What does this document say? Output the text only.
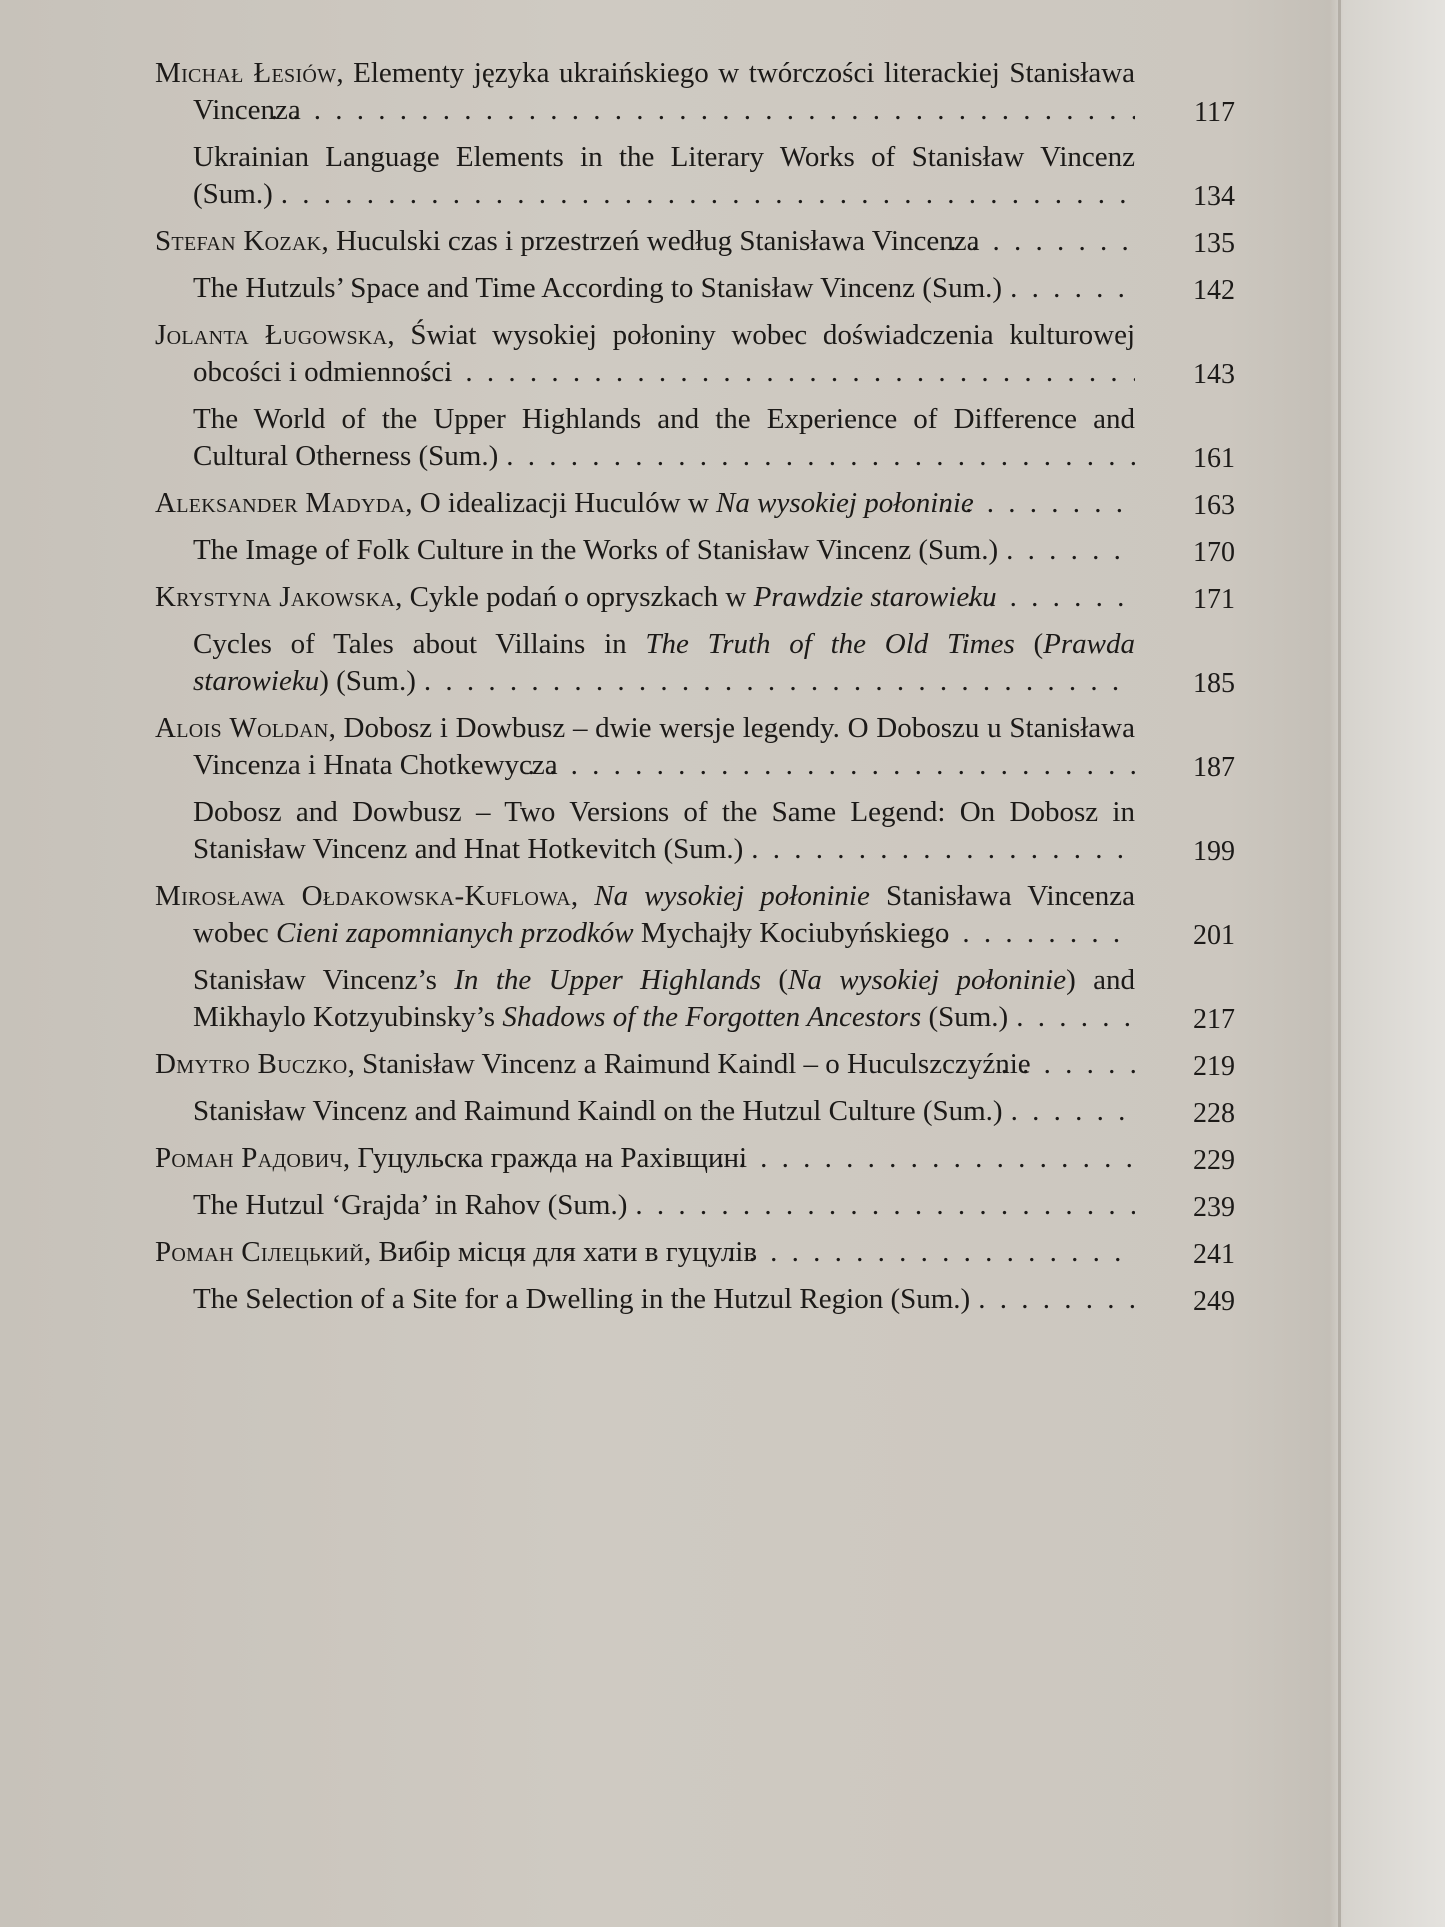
Michał Łesiów, Elementy języka ukraińskiego w twórczości literackiej Stanisława Vincenza	117
Ukrainian Language Elements in the Literary Works of Stanisław Vincenz (Sum.)	134
Stefan Kozak, Huculski czas i przestrzeń według Stanisława Vincenza	135
The Hutzuls’ Space and Time According to Stanisław Vincenz (Sum.)	142
Jolanta Ługowska, Świat wysokiej połoniny wobec doświadczenia kulturowej obcości i odmienności	143
The World of the Upper Highlands and the Experience of Difference and Cultural Otherness (Sum.)	161
Aleksander Madyda, O idealizacji Huculów w Na wysokiej połoninie	163
The Image of Folk Culture in the Works of Stanisław Vincenz (Sum.)	170
Krystyna Jakowska, Cykle podań o opryszkach w Prawdzie starowieku	171
Cycles of Tales about Villains in The Truth of the Old Times (Prawda starowieku) (Sum.)	185
Alois Woldan, Dobosz i Dowbusz – dwie wersje legendy. O Doboszu u Stanisława Vincenza i Hnata Chotkewycza	187
Dobosz and Dowbusz – Two Versions of the Same Legend: On Dobosz in Stanisław Vincenz and Hnat Hotkevitch (Sum.)	199
Mirosława Ołdakowska-Kuflowa, Na wysokiej połoninie Stanisława Vincenza wobec Cieni zapomnianych przodków Mychajły Kociubyńskiego	201
Stanisław Vincenz’s In the Upper Highlands (Na wysokiej połoninie) and Mikhaylo Kotzyubinsky’s Shadows of the Forgotten Ancestors (Sum.)	217
Dmytro Buczko, Stanisław Vincenz a Raimund Kaindl – o Huculszczyźnie	219
Stanisław Vincenz and Raimund Kaindl on the Hutzul Culture (Sum.)	228
Роман Радович, Гуцульска гражда на Рахівщині	229
The Hutzul ‘Grajda’ in Rahov (Sum.)	239
Роман Сілецький, Вибір місця для хати в гуцулів	241
The Selection of a Site for a Dwelling in the Hutzul Region (Sum.)	249
